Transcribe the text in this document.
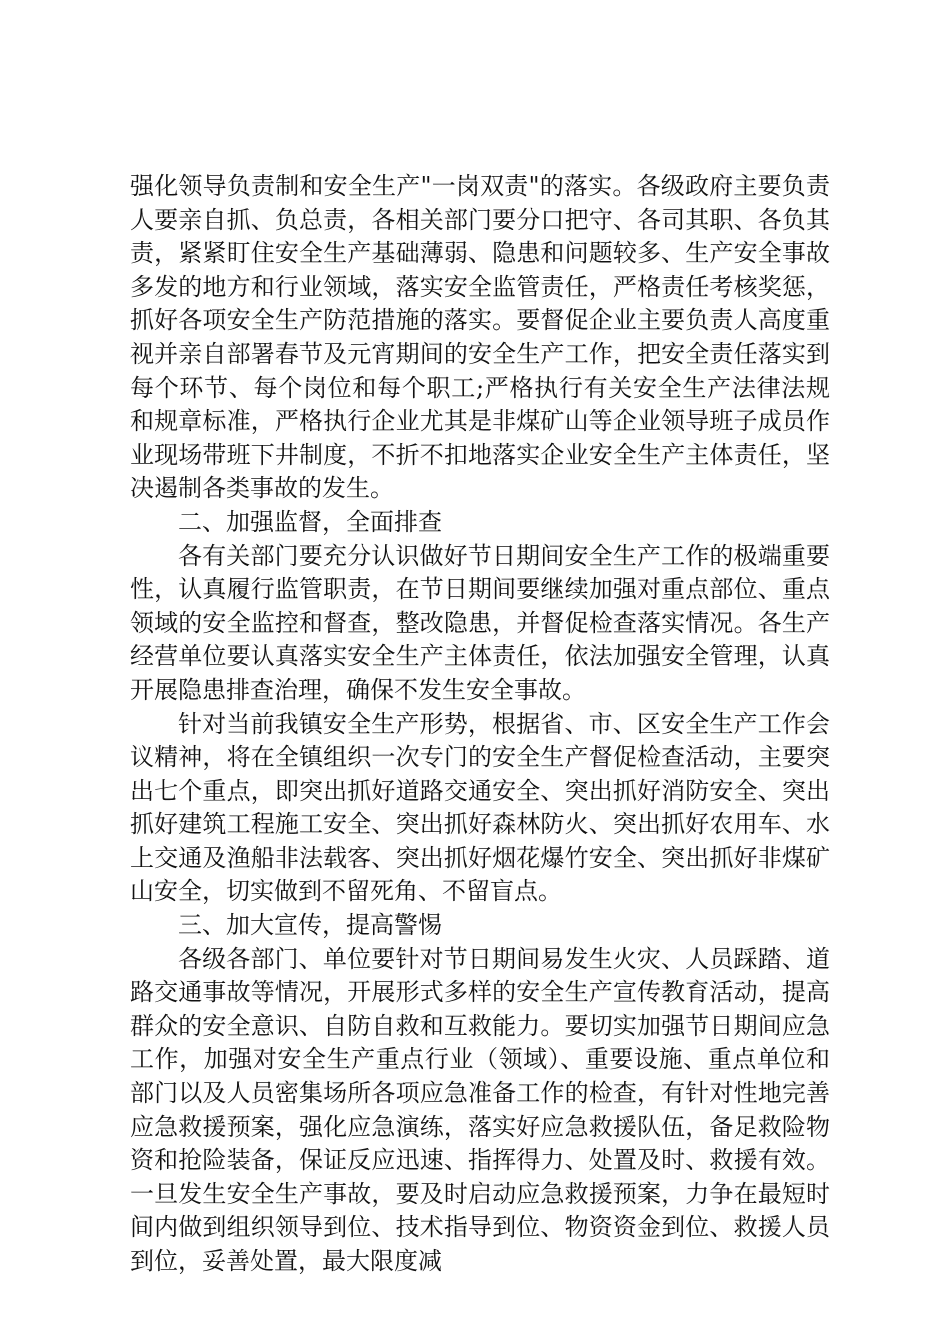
强化领导负责制和安全生产"一岗双责"的落实。各级政府主要负责人要亲自抓、负总责，各相关部门要分口把守、各司其职、各负其责，紧紧盯住安全生产基础薄弱、隐患和问题较多、生产安全事故多发的地方和行业领域，落实安全监管责任，严格责任考核奖惩，抓好各项安全生产防范措施的落实。要督促企业主要负责人高度重视并亲自部署春节及元宵期间的安全生产工作，把安全责任落实到每个环节、每个岗位和每个职工;严格执行有关安全生产法律法规和规章标准，严格执行企业尤其是非煤矿山等企业领导班子成员作业现场带班下井制度，不折不扣地落实企业安全生产主体责任，坚决遏制各类事故的发生。

二、加强监督，全面排查

各有关部门要充分认识做好节日期间安全生产工作的极端重要性，认真履行监管职责，在节日期间要继续加强对重点部位、重点领域的安全监控和督查，整改隐患，并督促检查落实情况。各生产经营单位要认真落实安全生产主体责任，依法加强安全管理，认真开展隐患排查治理，确保不发生安全事故。

针对当前我镇安全生产形势，根据省、市、区安全生产工作会议精神，将在全镇组织一次专门的安全生产督促检查活动，主要突出七个重点，即突出抓好道路交通安全、突出抓好消防安全、突出抓好建筑工程施工安全、突出抓好森林防火、突出抓好农用车、水上交通及渔船非法载客、突出抓好烟花爆竹安全、突出抓好非煤矿山安全，切实做到不留死角、不留盲点。

三、加大宣传，提高警惕

各级各部门、单位要针对节日期间易发生火灾、人员踩踏、道路交通事故等情况，开展形式多样的安全生产宣传教育活动，提高群众的安全意识、自防自救和互救能力。要切实加强节日期间应急工作，加强对安全生产重点行业（领域）、重要设施、重点单位和部门以及人员密集场所各项应急准备工作的检查，有针对性地完善应急救援预案，强化应急演练，落实好应急救援队伍，备足救险物资和抢险装备，保证反应迅速、指挥得力、处置及时、救援有效。一旦发生安全生产事故，要及时启动应急救援预案，力争在最短时间内做到组织领导到位、技术指导到位、物资资金到位、救援人员到位，妥善处置，最大限度减
